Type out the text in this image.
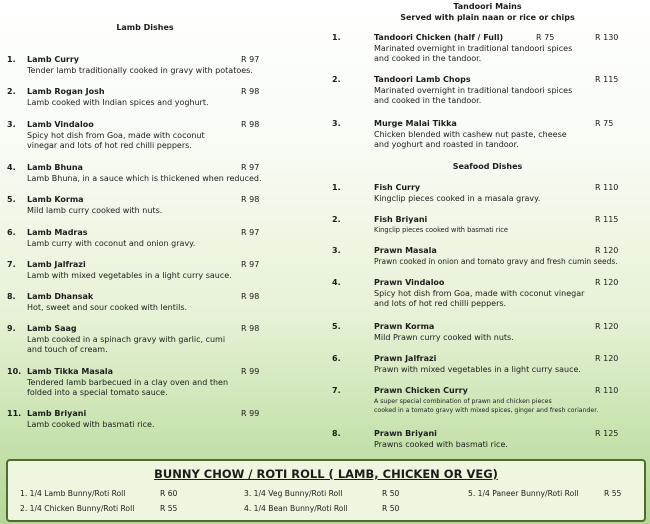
Lamb Dishes
1. Lamb Curry
Tender lamb traditionally cooked in gravy with potatoes.
R 97
2. Lamb Rogan Josh
Lamb cooked with Indian spices and yoghurt.
R 98
3. Lamb Vindaloo
Spicy hot dish from Goa, made with coconut
vinegar and lots of hot red chilli peppers.
R 98
4. Lamb Bhuna
Lamb Bhuna, in a sauce which is thickened when reduced.
R 97
5. Lamb Korma
Mild lamb curry cooked with nuts.
R 98
6. Lamb Madras
Lamb curry with coconut and onion gravy.
R 97
7. Lamb Jalfrazi
Lamb with mixed vegetables in a light curry sauce.
R 97
8. Lamb Dhansak
Hot, sweet and sour cooked with lentils.
R 98
9. Lamb Saag
Lamb cooked in a spinach gravy with garlic, cumi
and touch of cream.
R 98
10. Lamb Tikka Masala
Tendered lamb barbecued in a clay oven and then
folded into a special tomato sauce.
R 99
11. Lamb Briyani
Lamb cooked with basmati rice.
R 99
Tandoori Mains
Served with plain naan or rice or chips
1.	Tandoori Chicken (half / Full)
Marinated overnight in traditional tandoori spices
and cooked in the tandoor.
R 75	R 130
2.	Tandoori Lamb Chops
Marinated overnight in traditional tandoori spices
and cooked in the tandoor.
R 115
3.	Murge Malai Tikka
Chicken blended with cashew nut paste, cheese
and yoghurt and roasted in tandoor.
R 75
Seafood Dishes
1.	Fish Curry
Kingclip pieces cooked in a masala gravy.
R 110
2.	Fish Briyani
Kingclip pieces cooked with basmati rice
R 115
3.	Prawn Masala
Prawn cooked in onion and tomato gravy and fresh cumin seeds.
R 120
4.	Prawn Vindaloo
Spicy hot dish from Goa, made with coconut vinegar
and lots of hot red chilli peppers.
R 120
5.	Prawn Korma
Mild Prawn curry cooked with nuts.
R 120
6.	Prawn Jalfrazi
Prawn with mixed vegetables in a light curry sauce.
R 120
7.	Prawn Chicken Curry
A super special combination of prawn and chicken pieces
cooked in a tomato gravy with mixed spices, ginger and fresh coriander.
R 110
8.	Prawn Briyani
Prawns cooked with basmati rice.
R 125
BUNNY CHOW / ROTI ROLL ( LAMB, CHICKEN OR VEG)
1. 1/4 Lamb Bunny/Roti Roll	R 60
2. 1/4 Chicken Bunny/Roti Roll	R 55
3. 1/4 Veg Bunny/Roti Roll	R 50
4. 1/4 Bean Bunny/Roti Roll	R 50
5. 1/4 Paneer Bunny/Roti Roll	R 55
